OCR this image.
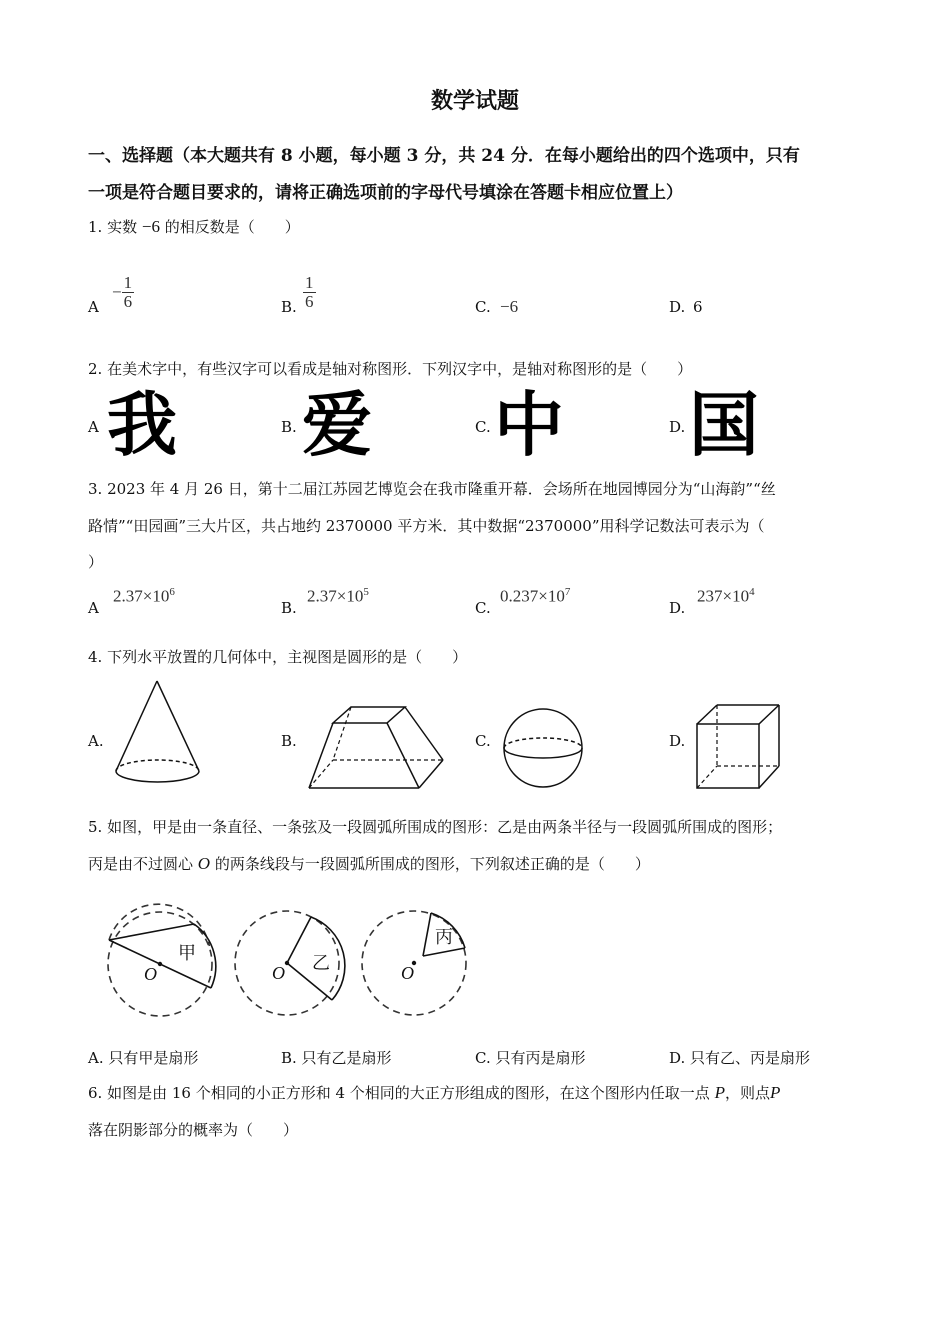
数学试题
一、选择题（本大题共有 8 小题，每小题 3 分，共 24 分．在每小题给出的四个选项中，只有
一项是符合题目要求的，请将正确选项前的字母代号填涂在答题卡相应位置上）
1. 实数 −6 的相反数是（　　）
A
− $\frac{1}{6}$	B. $\frac{1}{6}$	C. −6	D. 6
2. 在美术字中，有些汉字可以看成是轴对称图形．下列汉字中，是轴对称图形的是（　　）
A 我	B. 爱	C. 中	D. 国
3. 2023 年 4 月 26 日，第十二届江苏园艺博览会在我市隆重开幕．会场所在地园博园分为“山海韵”“丝
路情”“田园画”三大片区，共占地约 2370000 平方米．其中数据“2370000”用科学记数法可表示为（
）
A
$2.37\times 10^6$
B.
$2.37\times 10^5$
C.
$0.237\times 10^7$
D.
$237\times 10^4$
4. 下列水平放置的几何体中，主视图是圆形的是（　　）
A.	B.	C.	D.
5. 如图，甲是由一条直径、一条弦及一段圆弧所围成的图形：乙是由两条半径与一段圆弧所围成的图形；
丙是由不过圆心 O 的两条线段与一段圆弧所围成的图形，下列叙述正确的是（　　）
甲
O	乙
O
丙
O
A. 只有甲是扇形	B. 只有乙是扇形	C. 只有丙是扇形	D. 只有乙、丙是扇形
6. 如图是由 16 个相同的小正方形和 4 个相同的大正方形组成的图形，在这个图形内任取一点 P，则点P
落在阴影部分的概率为（　　）
